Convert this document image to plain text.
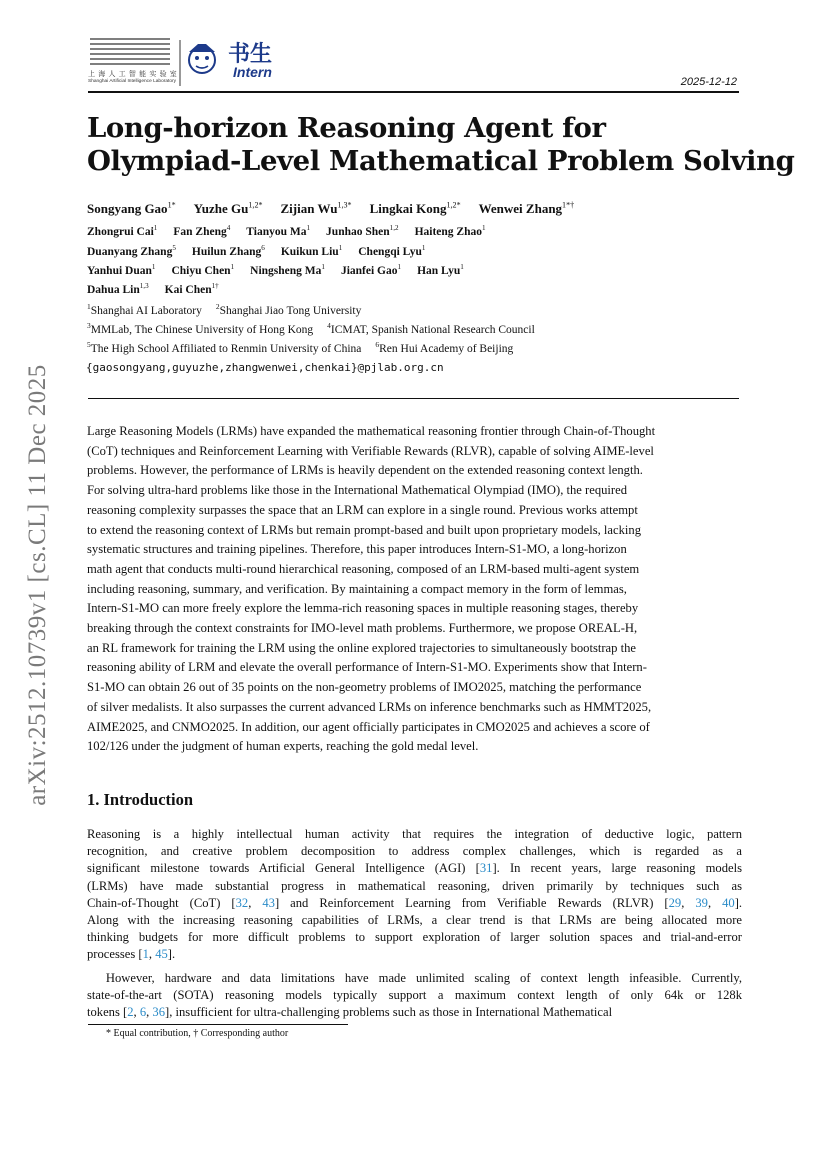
arXiv:2512.10739v1 [cs.CL] 11 Dec 2025
上 海 人 工 智 能 实 验 室
Shanghai Artificial Intelligence Laboratory
书生
Intern
2025-12-12
Long-horizon Reasoning Agent for
Olympiad-Level Mathematical Problem Solving
Songyang Gao$^{1*}$ Yuzhe $Gu^{1,2*}$ Zijian $Wu^{1,3*}$ Lingkai Kong$^{1,2*}$ Wenwei Zhang$^{1*\dagger}$
Zhongrui Cai$^1$ Fan Zheng$^4$ Tianyou Ma$^1$ Junhao Shen$^{1,2}$ Haiteng Zhao$^1$
Duanyang Zhang$^5$ Huilun Zhang$^6$ Kuikun Liu$^1$ Chengqi Lyu$^1$
Yanhui Duan$^1$ Chiyu Chen$^1$ Ningsheng Ma$^1$ Jianfei Gao$^1$ Han Lyu$^1$
Dahua Lin$^{1,3}$ Kai Chen$^{1\dagger}$
$^1$Shanghai AI Laboratory $^2$Shanghai Jiao Tong University
$^3$MMLab, The Chinese University of Hong Kong $^4$ICMAT, Spanish National Research Council
$^5$The High School Affiliated to Renmin University of China $^6$Ren Hui Academy of Beijing
{gaosongyang,guyuzhe,zhangwenwei,chenkai}@pjlab.org.cn
Large Reasoning Models (LRMs) have expanded the mathematical reasoning frontier through Chain-of-Thought
(CoT) techniques and Reinforcement Learning with Verifiable Rewards (RLVR), capable of solving AIME-level
problems. However, the performance of LRMs is heavily dependent on the extended reasoning context length.
For solving ultra-hard problems like those in the International Mathematical Olympiad (IMO), the required
reasoning complexity surpasses the space that an LRM can explore in a single round. Previous works attempt
to extend the reasoning context of LRMs but remain prompt-based and built upon proprietary models, lacking
systematic structures and training pipelines. Therefore, this paper introduces Intern-S1-MO, a long-horizon
math agent that conducts multi-round hierarchical reasoning, composed of an LRM-based multi-agent system
including reasoning, summary, and verification. By maintaining a compact memory in the form of lemmas,
Intern-S1-MO can more freely explore the lemma-rich reasoning spaces in multiple reasoning stages, thereby
breaking through the context constraints for IMO-level math problems. Furthermore, we propose OREAL-H,
an RL framework for training the LRM using the online explored trajectories to simultaneously bootstrap the
reasoning ability of LRM and elevate the overall performance of Intern-S1-MO. Experiments show that Intern-
S1-MO can obtain 26 out of 35 points on the non-geometry problems of IMO2025, matching the performance
of silver medalists. It also surpasses the current advanced LRMs on inference benchmarks such as HMMT2025,
AIME2025, and CNMO2025. In addition, our agent officially participates in CMO2025 and achieves a score of
102/126 under the judgment of human experts, reaching the gold medal level.
1. Introduction
Reasoning is a highly intellectual human activity that requires the integration of deductive logic, pattern
recognition, and creative problem decomposition to address complex challenges, which is regarded as a
significant milestone towards Artificial General Intelligence (AGI) [31]. In recent years, large reasoning models
(LRMs) have made substantial progress in mathematical reasoning, driven primarily by techniques such as
Chain-of-Thought (CoT) [32, 43] and Reinforcement Learning from Verifiable Rewards (RLVR) [29, 39, 40].
Along with the increasing reasoning capabilities of LRMs, a clear trend is that LRMs are being allocated more
thinking budgets for more difficult problems to support exploration of larger solution spaces and trial-and-error
processes [1, 45].
  However, hardware and data limitations have made unlimited scaling of context length infeasible. Currently,
state-of-the-art (SOTA) reasoning models typically support a maximum context length of only 64k or 128k
tokens [2, 6, 36], insufficient for ultra-challenging problems such as those in International Mathematical
* Equal contribution, † Corresponding author
